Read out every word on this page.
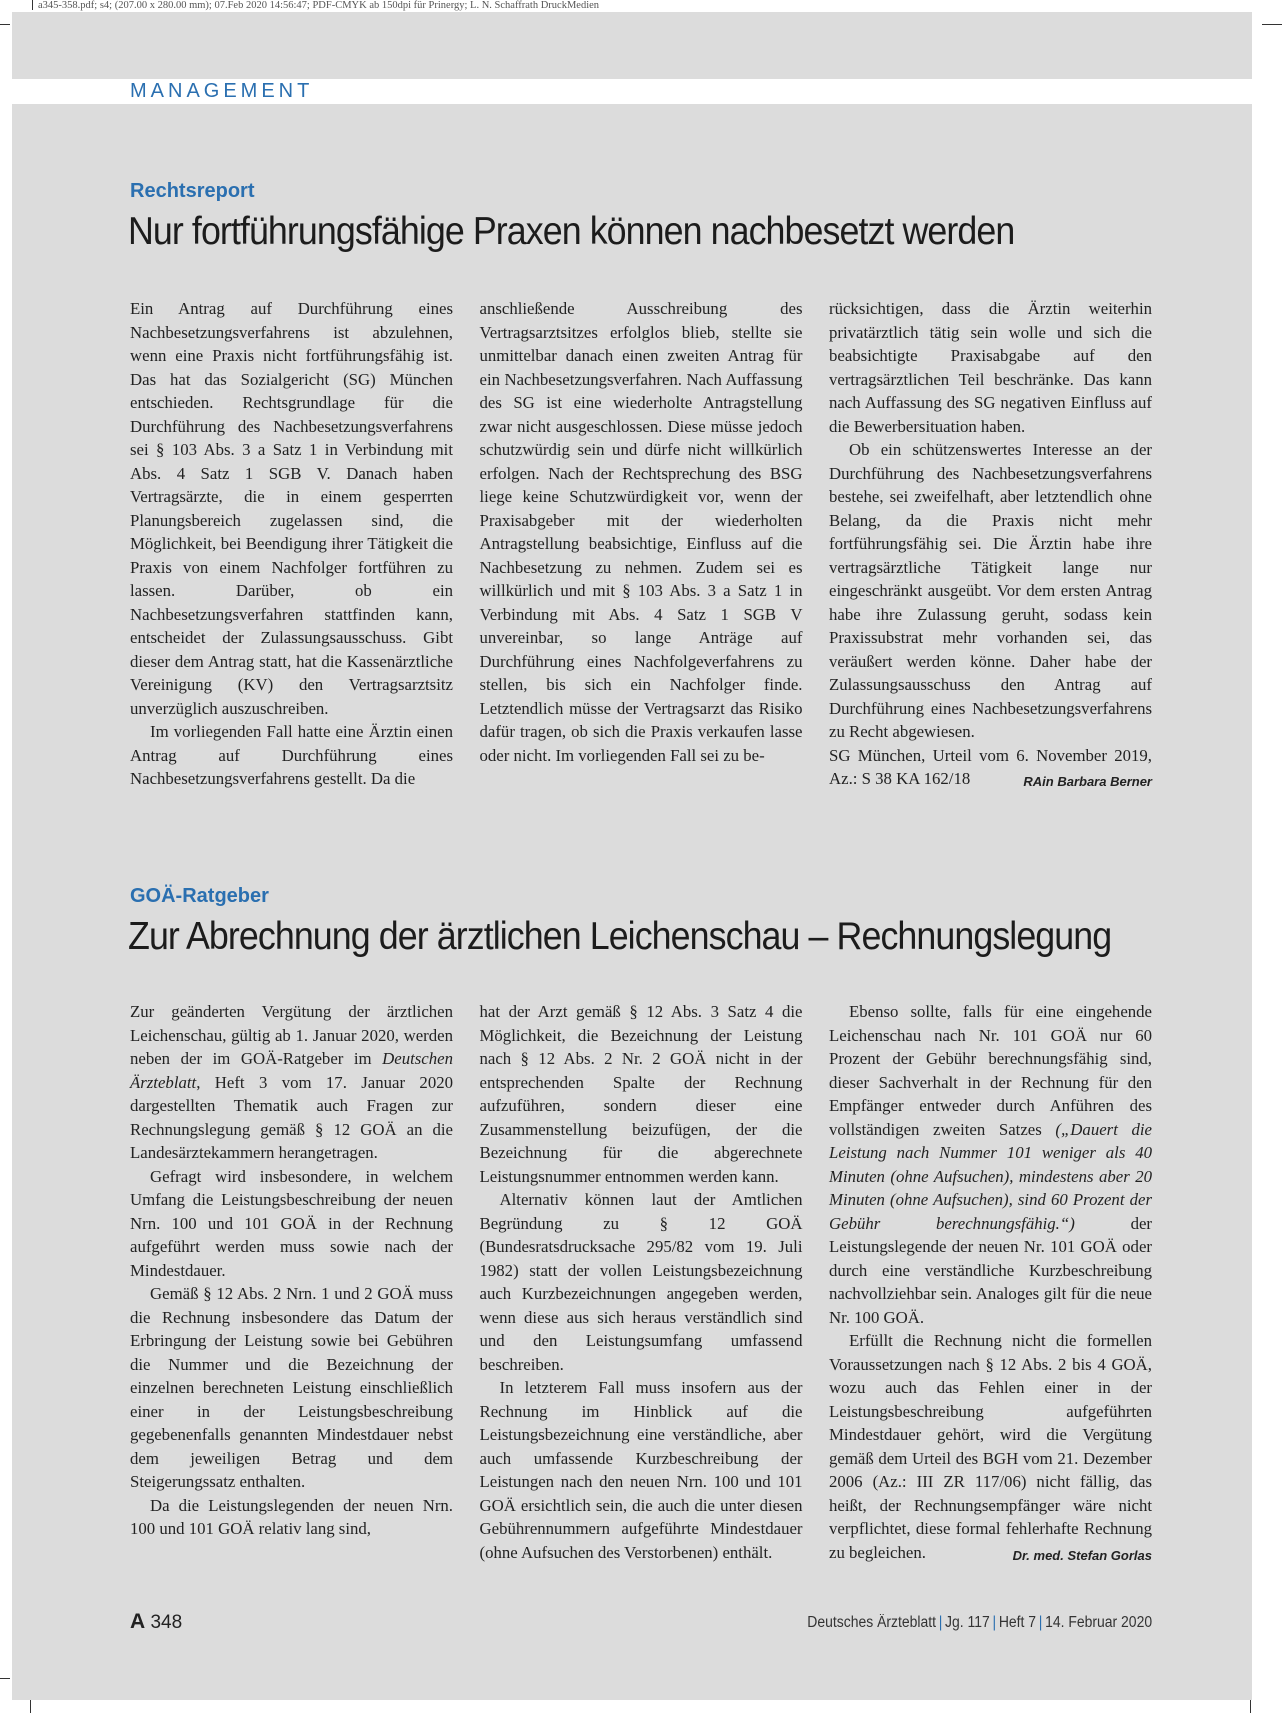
a345-358.pdf; s4; (207.00 x 280.00 mm); 07.Feb 2020 14:56:47; PDF-CMYK ab 150dpi für Prinergy; L. N. Schaffrath DruckMedien
MANAGEMENT
Rechtsreport
Nur fortführungsfähige Praxen können nachbesetzt werden

Ein Antrag auf Durchführung eines Nachbesetzungsverfahrens ist abzulehnen, wenn eine Praxis nicht fortführungsfähig ist. Das hat das Sozialgericht (SG) München entschieden. Rechtsgrundlage für die Durchführung des Nachbesetzungsverfahrens sei § 103 Abs. 3 a Satz 1 in Verbindung mit Abs. 4 Satz 1 SGB V. Danach haben Vertragsärzte, die in einem gesperrten Planungsbereich zugelassen sind, die Möglichkeit, bei Beendigung ihrer Tätigkeit die Praxis von einem Nachfolger fortführen zu lassen. Darüber, ob ein Nachbesetzungsverfahren stattfinden kann, entscheidet der Zulassungsausschuss. Gibt dieser dem Antrag statt, hat die Kassenärztliche Vereinigung (KV) den Vertragsarztsitz unverzüglich auszuschreiben.

Im vorliegenden Fall hatte eine Ärztin einen Antrag auf Durchführung eines Nachbesetzungsverfahrens gestellt. Da die

anschließende Ausschreibung des Vertragsarztsitzes erfolglos blieb, stellte sie unmittelbar danach einen zweiten Antrag für ein Nachbesetzungsverfahren. Nach Auffassung des SG ist eine wiederholte Antragstellung zwar nicht ausgeschlossen. Diese müsse jedoch schutzwürdig sein und dürfe nicht willkürlich erfolgen. Nach der Rechtsprechung des BSG liege keine Schutzwürdigkeit vor, wenn der Praxisabgeber mit der wiederholten Antragstellung beabsichtige, Einfluss auf die Nachbesetzung zu nehmen. Zudem sei es willkürlich und mit § 103 Abs. 3 a Satz 1 in Verbindung mit Abs. 4 Satz 1 SGB V unvereinbar, so lange Anträge auf Durchführung eines Nachfolgeverfahrens zu stellen, bis sich ein Nachfolger finde. Letztendlich müsse der Vertragsarzt das Risiko dafür tragen, ob sich die Praxis verkaufen lasse oder nicht. Im vorliegenden Fall sei zu be-

rücksichtigen, dass die Ärztin weiterhin privatärztlich tätig sein wolle und sich die beabsichtigte Praxisabgabe auf den vertragsärztlichen Teil beschränke. Das kann nach Auffassung des SG negativen Einfluss auf die Bewerbersituation haben.

Ob ein schützenswertes Interesse an der Durchführung des Nachbesetzungsverfahrens bestehe, sei zweifelhaft, aber letztendlich ohne Belang, da die Praxis nicht mehr fortführungsfähig sei. Die Ärztin habe ihre vertragsärztliche Tätigkeit lange nur eingeschränkt ausgeübt. Vor dem ersten Antrag habe ihre Zulassung geruht, sodass kein Praxissubstrat mehr vorhanden sei, das veräußert werden könne. Daher habe der Zulassungsausschuss den Antrag auf Durchführung eines Nachbesetzungsverfahrens zu Recht abgewiesen.

SG München, Urteil vom 6. November 2019, Az.: S 38 KA 162/18	RAin Barbara Berner

GOÄ-Ratgeber
Zur Abrechnung der ärztlichen Leichenschau – Rechnungslegung

Zur geänderten Vergütung der ärztlichen Leichenschau, gültig ab 1. Januar 2020, werden neben der im GOÄ-Ratgeber im Deutschen Ärzteblatt, Heft 3 vom 17. Januar 2020 dargestellten Thematik auch Fragen zur Rechnungslegung gemäß § 12 GOÄ an die Landesärztekammern herangetragen.

Gefragt wird insbesondere, in welchem Umfang die Leistungsbeschreibung der neuen Nrn. 100 und 101 GOÄ in der Rechnung aufgeführt werden muss sowie nach der Mindestdauer.

Gemäß § 12 Abs. 2 Nrn. 1 und 2 GOÄ muss die Rechnung insbesondere das Datum der Erbringung der Leistung sowie bei Gebühren die Nummer und die Bezeichnung der einzelnen berechneten Leistung einschließlich einer in der Leistungsbeschreibung gegebenenfalls genannten Mindestdauer nebst dem jeweiligen Betrag und dem Steigerungssatz enthalten.

Da die Leistungslegenden der neuen Nrn. 100 und 101 GOÄ relativ lang sind,

hat der Arzt gemäß § 12 Abs. 3 Satz 4 die Möglichkeit, die Bezeichnung der Leistung nach § 12 Abs. 2 Nr. 2 GOÄ nicht in der entsprechenden Spalte der Rechnung aufzuführen, sondern dieser eine Zusammenstellung beizufügen, der die Bezeichnung für die abgerechnete Leistungsnummer entnommen werden kann.

Alternativ können laut der Amtlichen Begründung zu § 12 GOÄ (Bundesratsdrucksache 295/82 vom 19. Juli 1982) statt der vollen Leistungsbezeichnung auch Kurzbezeichnungen angegeben werden, wenn diese aus sich heraus verständlich sind und den Leistungsumfang umfassend beschreiben.

In letzterem Fall muss insofern aus der Rechnung im Hinblick auf die Leistungsbezeichnung eine verständliche, aber auch umfassende Kurzbeschreibung der Leistungen nach den neuen Nrn. 100 und 101 GOÄ ersichtlich sein, die auch die unter diesen Gebührennummern aufgeführte Mindestdauer (ohne Aufsuchen des Verstorbenen) enthält.

Ebenso sollte, falls für eine eingehende Leichenschau nach Nr. 101 GOÄ nur 60 Prozent der Gebühr berechnungsfähig sind, dieser Sachverhalt in der Rechnung für den Empfänger entweder durch Anführen des vollständigen zweiten Satzes („Dauert die Leistung nach Nummer 101 weniger als 40 Minuten (ohne Aufsuchen), mindestens aber 20 Minuten (ohne Aufsuchen), sind 60 Prozent der Gebühr berechnungsfähig.“) der Leistungslegende der neuen Nr. 101 GOÄ oder durch eine verständliche Kurzbeschreibung nachvollziehbar sein. Analoges gilt für die neue Nr. 100 GOÄ.

Erfüllt die Rechnung nicht die formellen Voraussetzungen nach § 12 Abs. 2 bis 4 GOÄ, wozu auch das Fehlen einer in der Leistungsbeschreibung aufgeführten Mindestdauer gehört, wird die Vergütung gemäß dem Urteil des BGH vom 21. Dezember 2006 (Az.: III ZR 117/06) nicht fällig, das heißt, der Rechnungsempfänger wäre nicht verpflichtet, diese formal fehlerhafte Rechnung zu begleichen.	Dr. med. Stefan Gorlas

A 348	Deutsches Ärzteblatt | Jg. 117 | Heft 7 | 14. Februar 2020
